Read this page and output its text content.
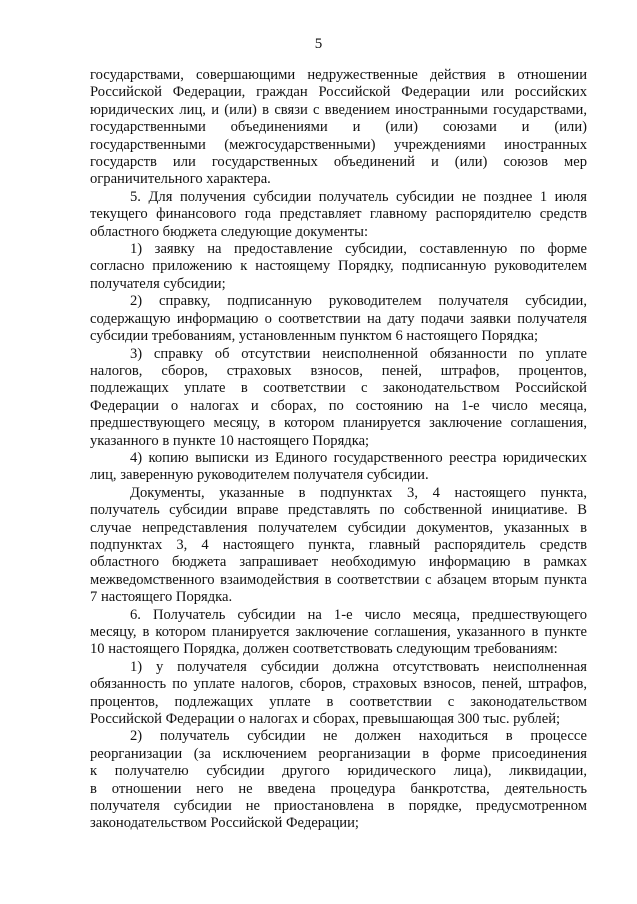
5

государствами, совершающими недружественные действия в отношении
Российской Федерации, граждан Российской Федерации или российских
юридических лиц, и (или) в связи с введением иностранными государствами,
государственными объединениями и (или) союзами и (или)
государственными (межгосударственными) учреждениями иностранных
государств или государственных объединений и (или) союзов мер
ограничительного характера.

5. Для получения субсидии получатель субсидии не позднее 1 июля
текущего финансового года представляет главному распорядителю средств
областного бюджета следующие документы:

1) заявку на предоставление субсидии, составленную по форме
согласно приложению к настоящему Порядку, подписанную руководителем
получателя субсидии;

2) справку, подписанную руководителем получателя субсидии,
содержащую информацию о соответствии на дату подачи заявки получателя
субсидии требованиям, установленным пунктом 6 настоящего Порядка;

3) справку об отсутствии неисполненной обязанности по уплате
налогов, сборов, страховых взносов, пеней, штрафов, процентов,
подлежащих уплате в соответствии с законодательством Российской
Федерации о налогах и сборах, по состоянию на 1-е число месяца,
предшествующего месяцу, в котором планируется заключение соглашения,
указанного в пункте 10 настоящего Порядка;

4) копию выписки из Единого государственного реестра юридических
лиц, заверенную руководителем получателя субсидии.

Документы, указанные в подпунктах 3, 4 настоящего пункта,
получатель субсидии вправе представлять по собственной инициативе. В
случае непредставления получателем субсидии документов, указанных в
подпунктах 3, 4 настоящего пункта, главный распорядитель средств
областного бюджета запрашивает необходимую информацию в рамках
межведомственного взаимодействия в соответствии с абзацем вторым пункта
7 настоящего Порядка.

6. Получатель субсидии на 1-е число месяца, предшествующего
месяцу, в котором планируется заключение соглашения, указанного в пункте
10 настоящего Порядка, должен соответствовать следующим требованиям:

1) у получателя субсидии должна отсутствовать неисполненная
обязанность по уплате налогов, сборов, страховых взносов, пеней, штрафов,
процентов, подлежащих уплате в соответствии с законодательством
Российской Федерации о налогах и сборах, превышающая 300 тыс. рублей;

2) получатель субсидии не должен находиться в процессе
реорганизации (за исключением реорганизации в форме присоединения
к получателю субсидии другого юридического лица), ликвидации,
в отношении него не введена процедура банкротства, деятельность
получателя субсидии не приостановлена в порядке, предусмотренном
законодательством Российской Федерации;
